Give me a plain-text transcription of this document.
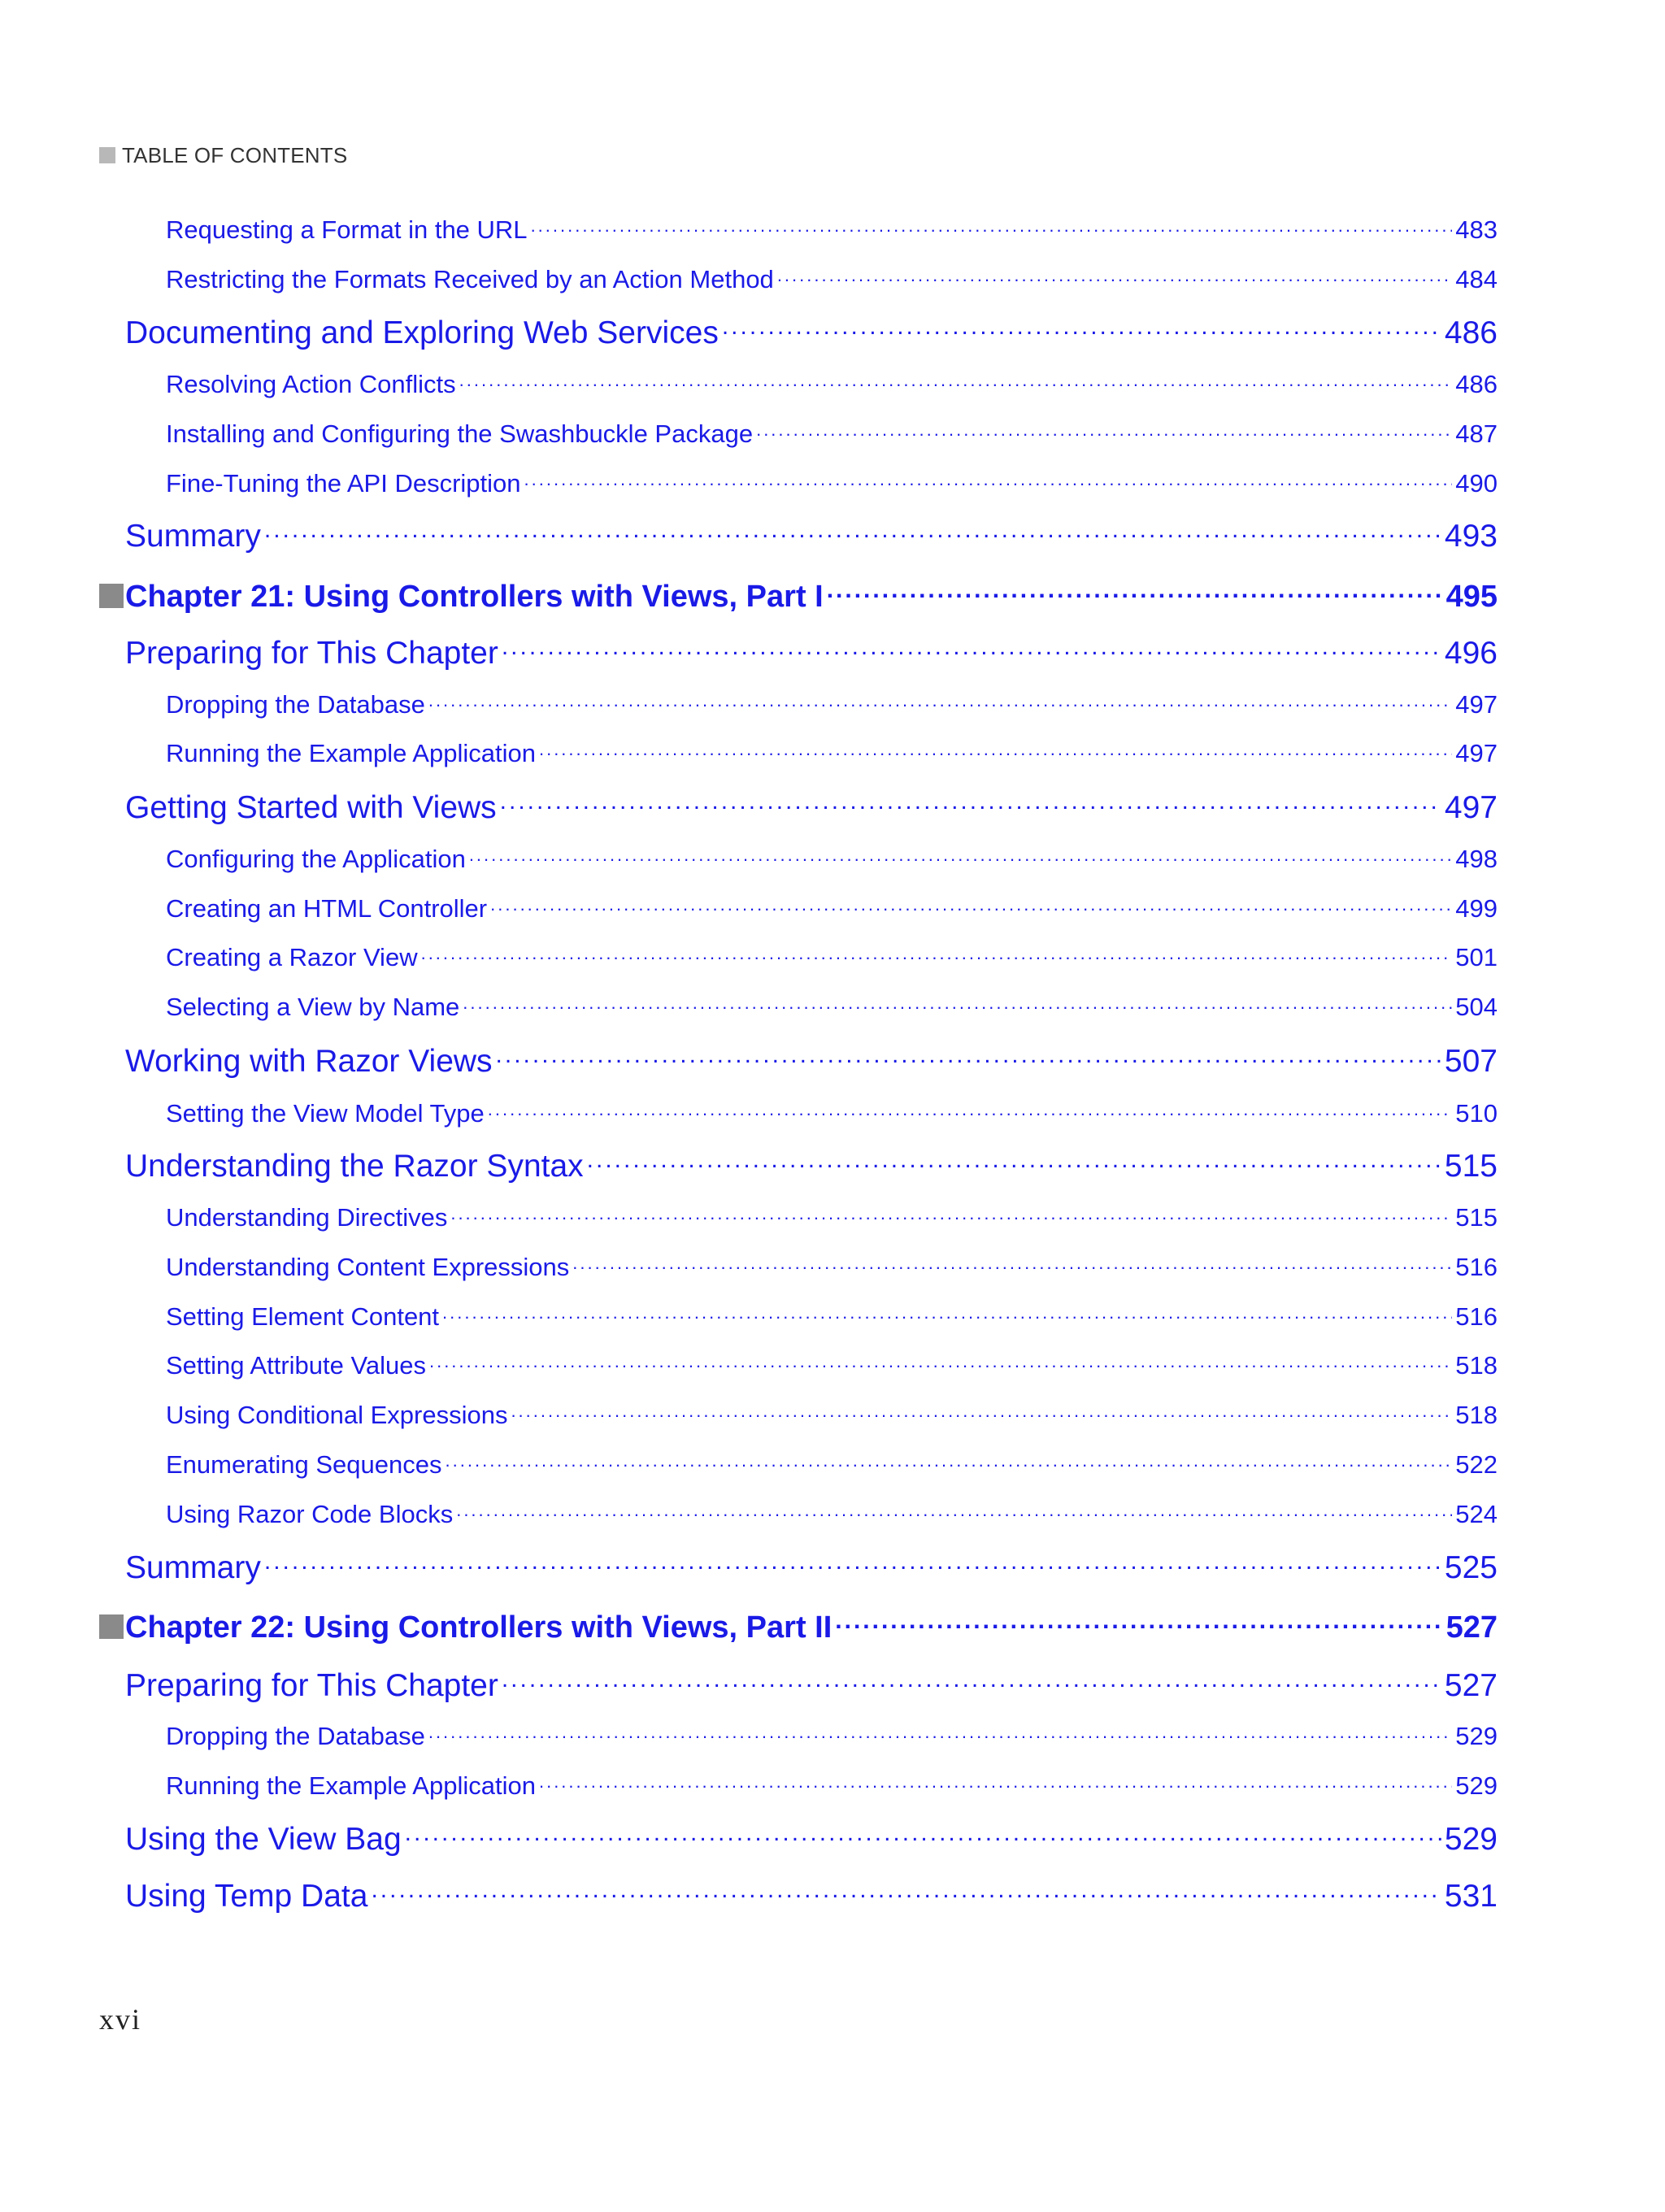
TABLE OF CONTENTS
Requesting a Format in the URL .....	483
Restricting the Formats Received by an Action Method .....	484
Documenting and Exploring Web Services .....	486
Resolving Action Conflicts .....	486
Installing and Configuring the Swashbuckle Package .....	487
Fine-Tuning the API Description .....	490
Summary .....	493
Chapter 21: Using Controllers with Views, Part I .....	495
Preparing for This Chapter .....	496
Dropping the Database .....	497
Running the Example Application .....	497
Getting Started with Views .....	497
Configuring the Application .....	498
Creating an HTML Controller .....	499
Creating a Razor View .....	501
Selecting a View by Name .....	504
Working with Razor Views .....	507
Setting the View Model Type .....	510
Understanding the Razor Syntax .....	515
Understanding Directives .....	515
Understanding Content Expressions .....	516
Setting Element Content .....	516
Setting Attribute Values .....	518
Using Conditional Expressions .....	518
Enumerating Sequences .....	522
Using Razor Code Blocks .....	524
Summary .....	525
Chapter 22: Using Controllers with Views, Part II .....	527
Preparing for This Chapter .....	527
Dropping the Database .....	529
Running the Example Application .....	529
Using the View Bag .....	529
Using Temp Data .....	531
xvi
